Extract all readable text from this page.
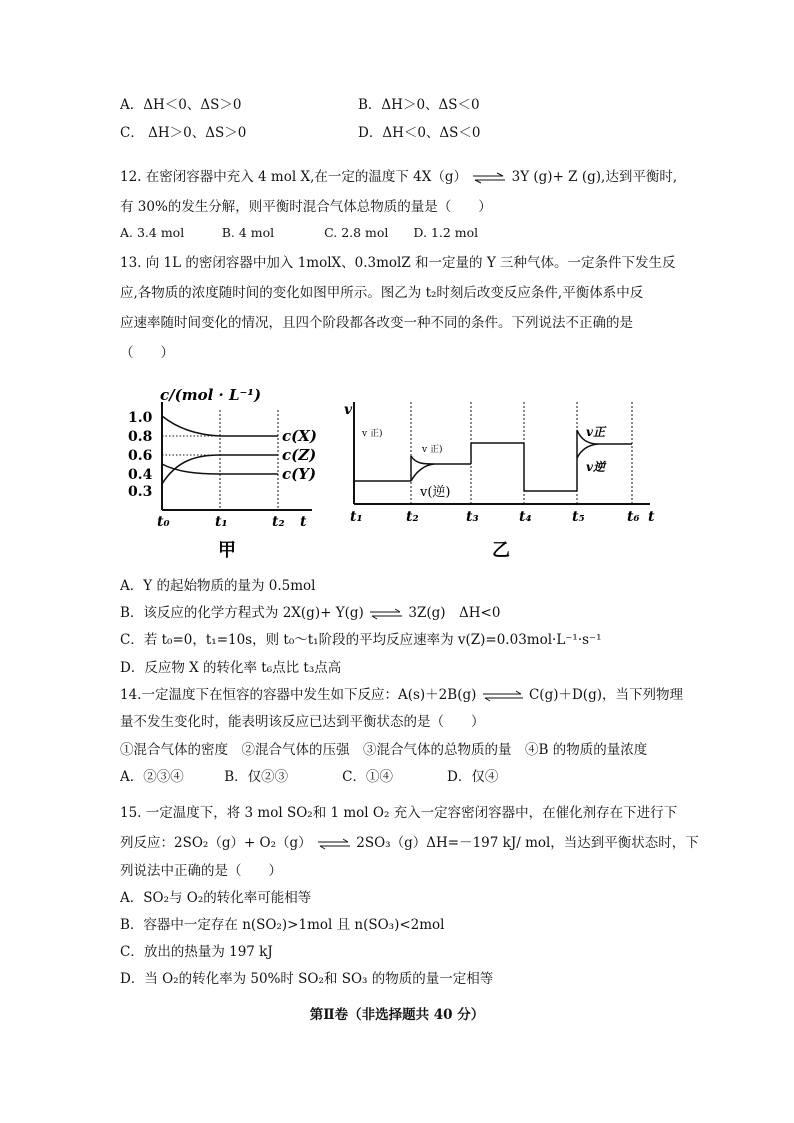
A．ΔH＜0、ΔS＞0	B．ΔH＞0、ΔS＜0
C． ΔH＞0、ΔS＞0	D．ΔH＜0、ΔS＜0
12. 在密闭容器中充入 4 mol X,在一定的温度下 4X（g） ⇌ 3Y (g)+ Z (g),达到平衡时,
有 30%的发生分解，则平衡时混合气体总物质的量是（　　）
A. 3.4 mol　　　B. 4 mol　　　　C. 2.8 mol　　D. 1.2 mol
13. 向 1L 的密闭容器中加入 1molX、0.3molZ 和一定量的 Y 三种气体。一定条件下发生反
应,各物质的浓度随时间的变化如图甲所示。图乙为 t₂时刻后改变反应条件,平衡体系中反
应速率随时间变化的情况，且四个阶段都各改变一种不同的条件。下列说法不正确的是
（　　）
c/(mol · L⁻¹)
1.0
0.8
0.6
0.4
0.3
c(X)
c(Z)
c(Y)
t₀	t₁	t₂ t
甲
v
v 正)
v 正)
v(逆)
v正
v逆
t₁	t₂	t₃	t₄	t₅	t₆ t
乙
A．Y 的起始物质的量为 0.5mol
B．该反应的化学方程式为 2X(g)+ Y(g) ⇌ 3Z(g)　ΔH<0
C．若 t₀=0，t₁=10s，则 t₀～t₁阶段的平均反应速率为 v(Z)=0.03mol·L⁻¹·s⁻¹
D．反应物 X 的转化率 t₆点比 t₃点高
14.一定温度下在恒容的容器中发生如下反应：A(s)＋2B(g) ⇌ C(g)＋D(g)，当下列物理
量不发生变化时，能表明该反应已达到平衡状态的是（　　）
①混合气体的密度　②混合气体的压强　③混合气体的总物质的量　④B 的物质的量浓度
A．②③④　　　B．仅②③　　　　C．①④　　　　D．仅④
15. 一定温度下，将 3 mol SO₂和 1 mol O₂ 充入一定容密闭容器中，在催化剂存在下进行下
列反应：2SO₂（g）+ O₂（g） ⇌ 2SO₃（g）ΔH=－197 kJ/ mol，当达到平衡状态时，下
列说法中正确的是（　　）
A．SO₂与 O₂的转化率可能相等
B．容器中一定存在 n(SO₂)>1mol 且 n(SO₃)<2mol
C．放出的热量为 197 kJ
D．当 O₂的转化率为 50%时 SO₂和 SO₃ 的物质的量一定相等
第Ⅱ卷（非选择题共 40 分）
